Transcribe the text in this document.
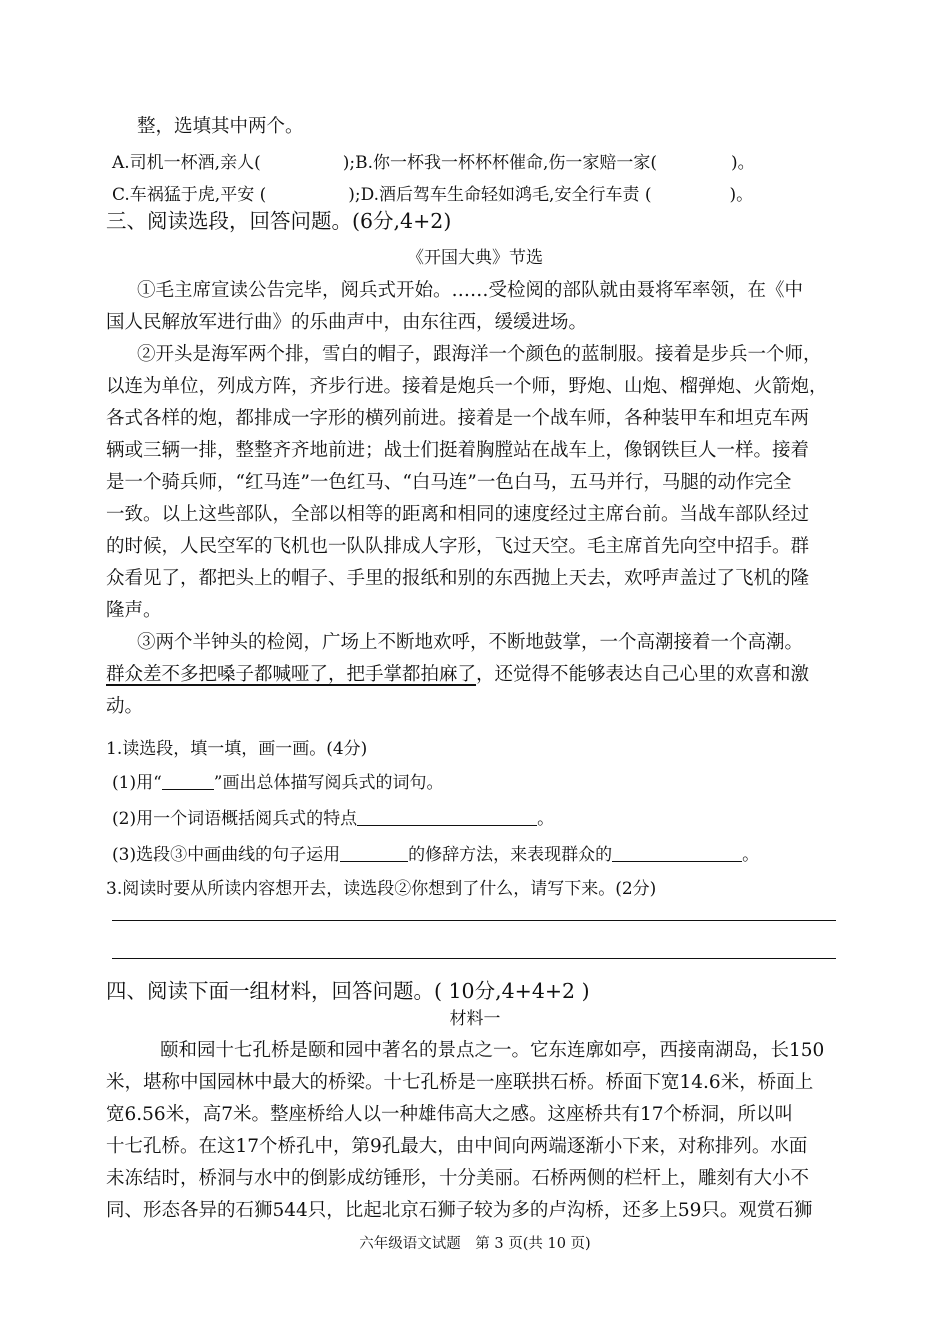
整，选填其中两个。
A.司机一杯酒,亲人(	);B.你一杯我一杯杯杯催命,伤一家赔一家(	)。
C.车祸猛于虎,平安 (	);D.酒后驾车生命轻如鸿毛,安全行车责 (	)。
三、阅读选段，回答问题。(6分,4+2)
《开国大典》节选
①毛主席宣读公告完毕，阅兵式开始。……受检阅的部队就由聂将军率领，在《中
国人民解放军进行曲》的乐曲声中，由东往西，缓缓进场。
②开头是海军两个排，雪白的帽子，跟海洋一个颜色的蓝制服。接着是步兵一个师，
以连为单位，列成方阵，齐步行进。接着是炮兵一个师，野炮、山炮、榴弹炮、火箭炮，
各式各样的炮，都排成一字形的横列前进。接着是一个战车师，各种装甲车和坦克车两
辆或三辆一排，整整齐齐地前进；战士们挺着胸膛站在战车上，像钢铁巨人一样。接着
是一个骑兵师，“红马连”一色红马、“白马连”一色白马，五马并行，马腿的动作完全
一致。以上这些部队，全部以相等的距离和相同的速度经过主席台前。当战车部队经过
的时候，人民空军的飞机也一队队排成人字形，飞过天空。毛主席首先向空中招手。群
众看见了，都把头上的帽子、手里的报纸和别的东西抛上天去，欢呼声盖过了飞机的隆
隆声。
③两个半钟头的检阅，广场上不断地欢呼，不断地鼓掌，一个高潮接着一个高潮。
群众差不多把嗓子都喊哑了，把手掌都拍麻了，还觉得不能够表达自己心里的欢喜和激
动。
1.读选段，填一填，画一画。(4分)
(1)用“	”画出总体描写阅兵式的词句。
(2)用一个词语概括阅兵式的特点	。
(3)选段③中画曲线的句子运用	的修辞方法，来表现群众的	。
3.阅读时要从所读内容想开去，读选段②你想到了什么，请写下来。(2分)
四、阅读下面一组材料，回答问题。( 10分,4+4+2 )
材料一
颐和园十七孔桥是颐和园中著名的景点之一。它东连廓如亭，西接南湖岛，长150
米，堪称中国园林中最大的桥梁。十七孔桥是一座联拱石桥。桥面下宽14.6米，桥面上
宽6.56米，高7米。整座桥给人以一种雄伟高大之感。这座桥共有17个桥洞，所以叫
十七孔桥。在这17个桥孔中，第9孔最大，由中间向两端逐渐小下来，对称排列。水面
未冻结时，桥洞与水中的倒影成纺锤形，十分美丽。石桥两侧的栏杆上，雕刻有大小不
同、形态各异的石狮544只，比起北京石狮子较为多的卢沟桥，还多上59只。观赏石狮
六年级语文试题　第 3 页(共 10 页)
